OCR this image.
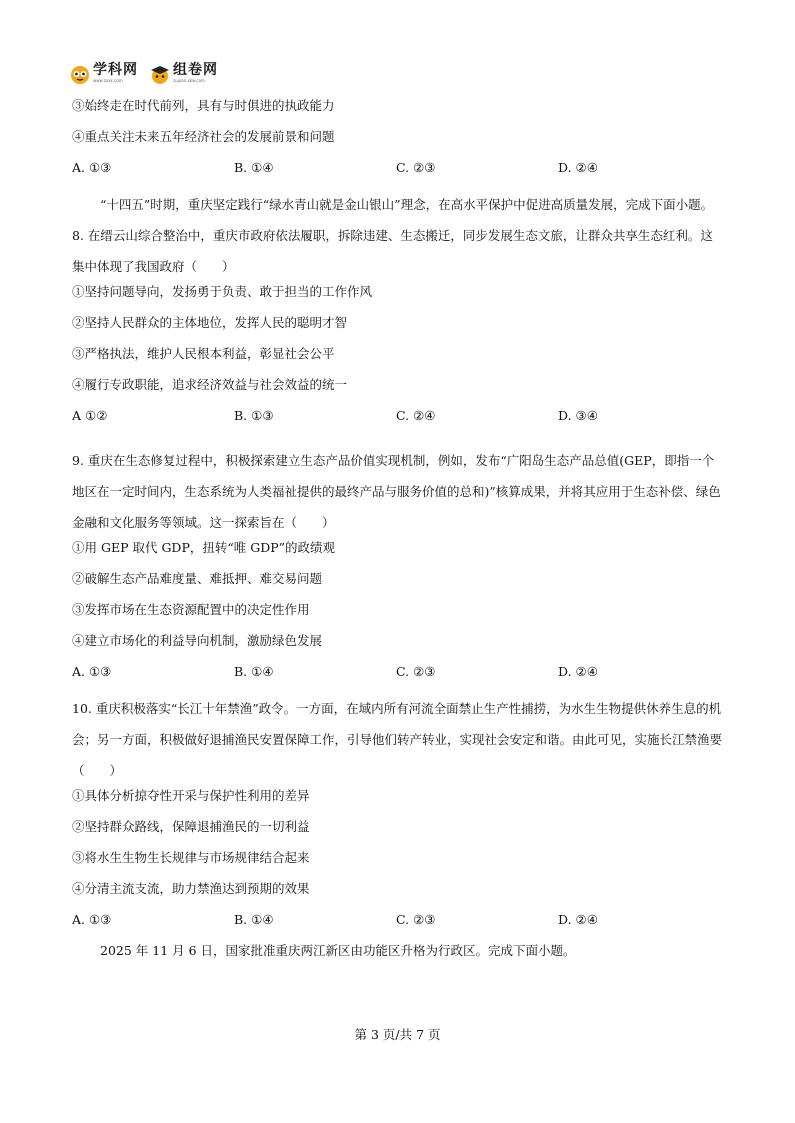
学科网
www.zxxk.com
组卷网
zujuan.xkw.com
③始终走在时代前列，具有与时俱进的执政能力
④重点关注未来五年经济社会的发展前景和问题
A. ①③	B. ①④	C. ②③	D. ②④
“十四五”时期，重庆坚定践行“绿水青山就是金山银山”理念，在高水平保护中促进高质量发展，完成下面小题。
8. 在缙云山综合整治中，重庆市政府依法履职，拆除违建、生态搬迁，同步发展生态文旅，让群众共享生态红利。这集中体现了我国政府（　　）
①坚持问题导向，发扬勇于负责、敢于担当的工作作风
②坚持人民群众的主体地位，发挥人民的聪明才智
③严格执法，维护人民根本利益，彰显社会公平
④履行专政职能，追求经济效益与社会效益的统一
A ①②	B. ①③	C. ②④	D. ③④
9. 重庆在生态修复过程中，积极探索建立生态产品价值实现机制，例如，发布“广阳岛生态产品总值(GEP，即指一个地区在一定时间内，生态系统为人类福祉提供的最终产品与服务价值的总和)”核算成果，并将其应用于生态补偿、绿色金融和文化服务等领域。这一探索旨在（　　）
①用 GEP 取代 GDP，扭转“唯 GDP”的政绩观
②破解生态产品难度量、难抵押、难交易问题
③发挥市场在生态资源配置中的决定性作用
④建立市场化的利益导向机制，激励绿色发展
A. ①③	B. ①④	C. ②③	D. ②④
10. 重庆积极落实“长江十年禁渔”政令。一方面，在域内所有河流全面禁止生产性捕捞，为水生生物提供休养生息的机会；另一方面，积极做好退捕渔民安置保障工作，引导他们转产转业，实现社会安定和谐。由此可见，实施长江禁渔要（　　）
①具体分析掠夺性开采与保护性利用的差异
②坚持群众路线，保障退捕渔民的一切利益
③将水生生物生长规律与市场规律结合起来
④分清主流支流，助力禁渔达到预期的效果
A. ①③	B. ①④	C. ②③	D. ②④
2025 年 11 月 6 日，国家批准重庆两江新区由功能区升格为行政区。完成下面小题。
第 3 页/共 7 页
